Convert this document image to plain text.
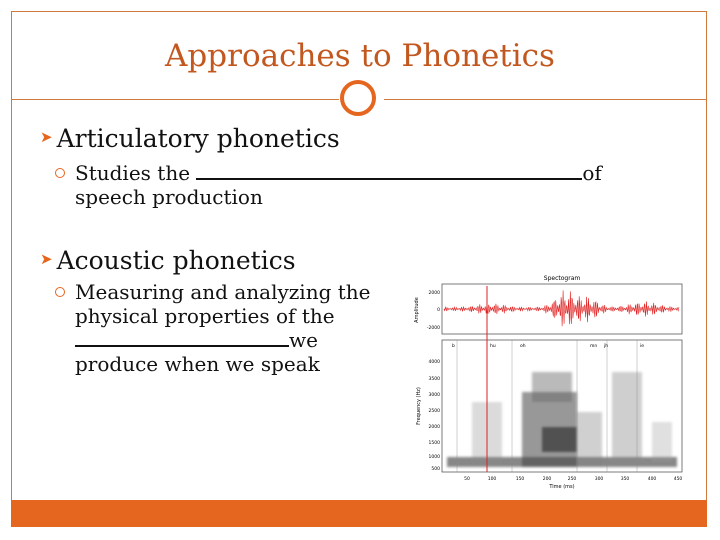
Approaches to Phonetics
➤ Articulatory phonetics
Studies the	of speech production
➤ Acoustic phonetics
Measuring and analyzing the physical properties of the we produce when we speak
Spectogram
Amplitude
2000
0
-2000
b	hu	oh	mn jh	ie
4000
3500
3000
2500
2000
1500
1000
500
Frequency (Hz)
50	100	150	200	250	300	350	400	450
Time (ms)
